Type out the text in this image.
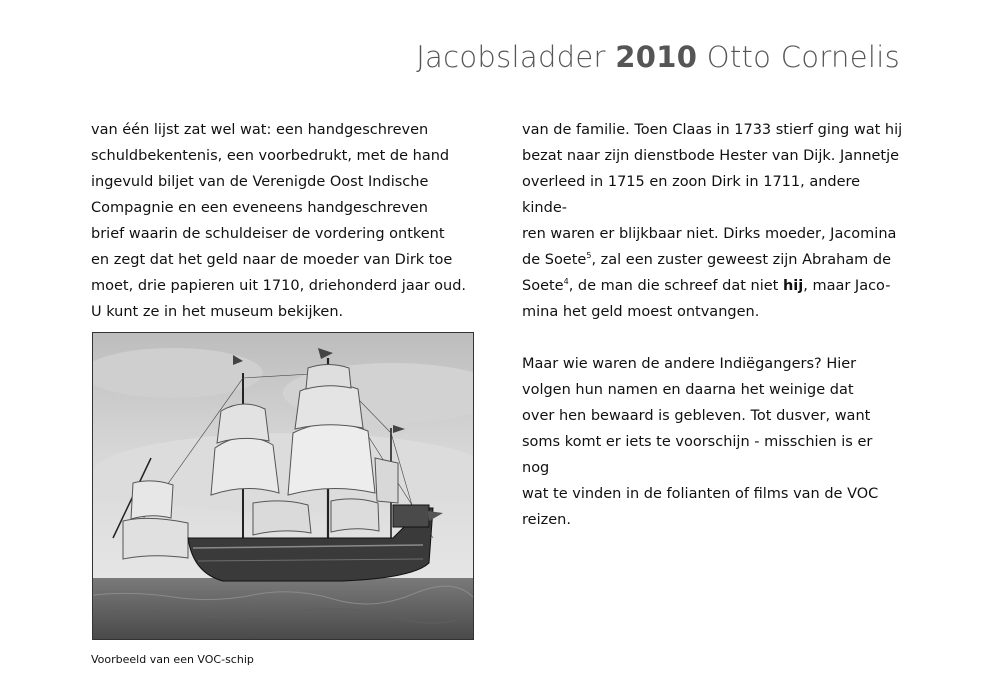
Jacobsladder 2010 Otto Cornelis

van één lijst zat wel wat: een handgeschreven

schuldbekentenis, een voorbedrukt, met de hand

ingevuld biljet van de Verenigde Oost Indische

Compagnie en een eveneens handgeschreven

brief waarin de schuldeiser de vordering ontkent

en zegt dat het geld naar de moeder van Dirk toe

moet, drie papieren uit 1710, driehonderd jaar oud.

U kunt ze in het museum bekijken.

Voorbeeld van een VOC-schip

van de familie. Toen Claas in 1733 stierf ging wat hij

bezat naar zijn dienstbode Hester van Dijk. Jannetje

overleed in 1715 en zoon Dirk in 1711, andere kinde-

ren waren er blijkbaar niet. Dirks moeder, Jacomina

de Soete$^5$, zal een zuster geweest zijn Abraham de

Soete$^4$, de man die schreef dat niet hij, maar Jaco-

mina het geld moest ontvangen.

Maar wie waren de andere Indiëgangers? Hier

volgen hun namen en daarna het weinige dat

over hen bewaard is gebleven. Tot dusver, want

soms komt er iets te voorschijn - misschien is er nog

wat te vinden in de folianten of films van de VOC

reizen.
